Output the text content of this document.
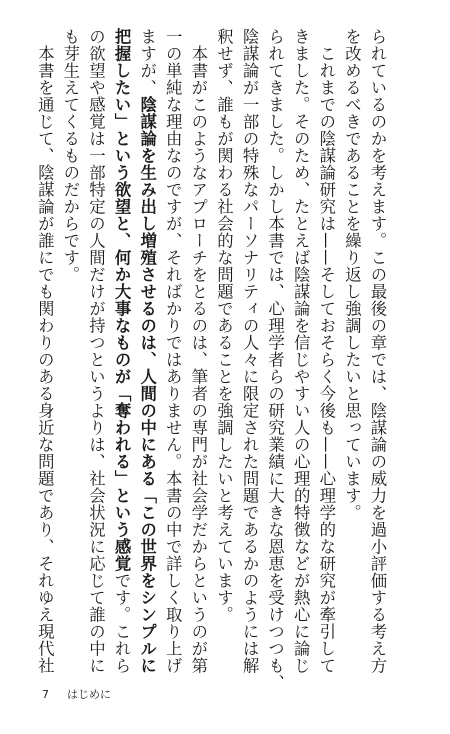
られているのかを考えます。この最後の章では、陰謀論の威力を過小評価する考え方
を改めるべきであることを繰り返し強調したいと思っています。
　これまでの陰謀論研究は——そしておそらく今後も——心理学的な研究が牽引して
きました。そのため、たとえば陰謀論を信じやすい人の心理的特徴などが熱心に論じ
られてきました。しかし本書では、心理学者らの研究業績に大きな恩恵を受けつつも、
陰謀論が一部の特殊なパーソナリティの人々に限定された問題であるかのようには解
釈せず、誰もが関わる社会的な問題であることを強調したいと考えています。
　本書がこのようなアプローチをとるのは、筆者の専門が社会学だからというのが第
一の単純な理由なのですが、そればかりではありません。本書の中で詳しく取り上げ
ますが、陰謀論を生み出し増殖させるのは、人間の中にある「この世界をシンプルに
把握したい」という欲望と、何か大事なものが「奪われる」という感覚です。これら
の欲望や感覚は一部特定の人間だけが持つというよりは、社会状況に応じて誰の中に
も芽生えてくるものだからです。
　本書を通じて、陰謀論が誰にでも関わりのある身近な問題であり、それゆえ現代社
7 はじめに
